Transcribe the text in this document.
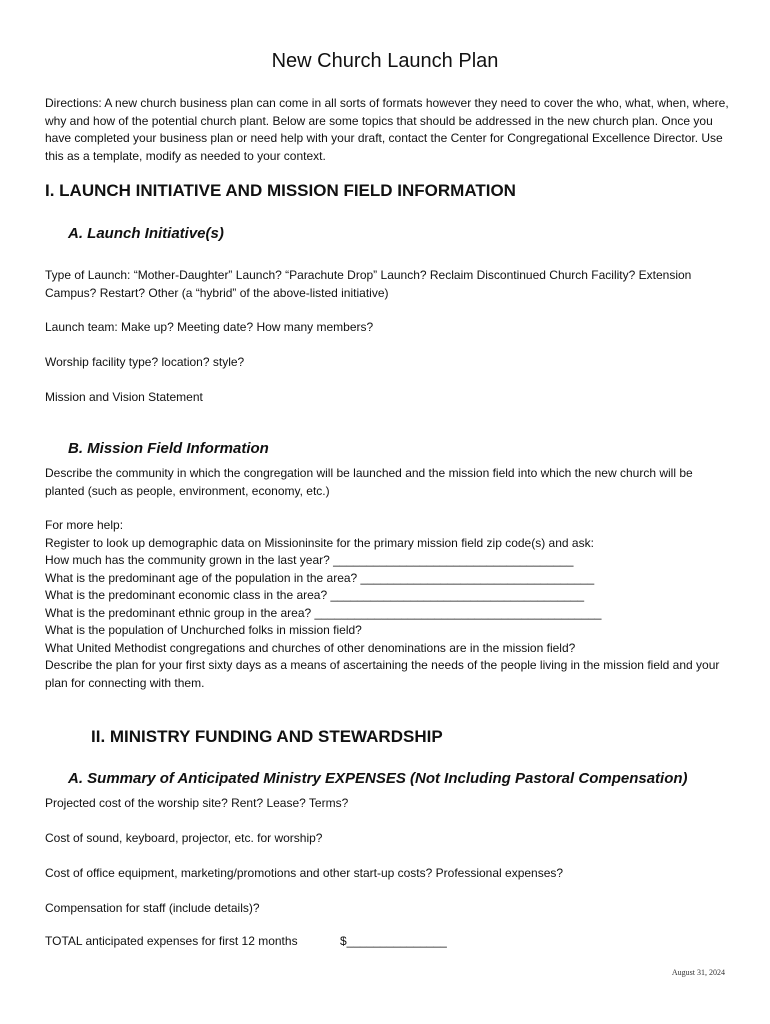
New Church Launch Plan

Directions: A new church business plan can come in all sorts of formats however they need to cover the who, what, when, where, why and how of the potential church plant. Below are some topics that should be addressed in the new church plan. Once you have completed your business plan or need help with your draft, contact the Center for Congregational Excellence Director. Use this as a template, modify as needed to your context.

I. LAUNCH INITIATIVE AND MISSION FIELD INFORMATION
A. Launch Initiative(s)

Type of Launch: “Mother-Daughter” Launch? “Parachute Drop” Launch? Reclaim Discontinued Church Facility? Extension Campus? Restart? Other (a “hybrid” of the above-listed initiative)

Launch team: Make up? Meeting date? How many members?

Worship facility type? location? style?

Mission and Vision Statement

B. Mission Field Information

Describe the community in which the congregation will be launched and the mission field into which the new church will be planted (such as people, environment, economy, etc.)

For more help:
Register to look up demographic data on Missioninsite for the primary mission field zip code(s) and ask:
How much has the community grown in the last year? ____________________________________
What is the predominant age of the population in the area? ___________________________________
What is the predominant economic class in the area? ______________________________________
What is the predominant ethnic group in the area? ___________________________________________
What is the population of Unchurched folks in mission field?
What United Methodist congregations and churches of other denominations are in the mission field?

Describe the plan for your first sixty days as a means of ascertaining the needs of the people living in the mission field and your plan for connecting with them.

II. MINISTRY FUNDING AND STEWARDSHIP
A. Summary of Anticipated Ministry EXPENSES (Not Including Pastoral Compensation)

Projected cost of the worship site? Rent? Lease? Terms?

Cost of sound, keyboard, projector, etc. for worship?

Cost of office equipment, marketing/promotions and other start-up costs? Professional expenses?

Compensation for staff (include details)?

TOTAL anticipated expenses for first 12 months	$_______________
August 31, 2024
